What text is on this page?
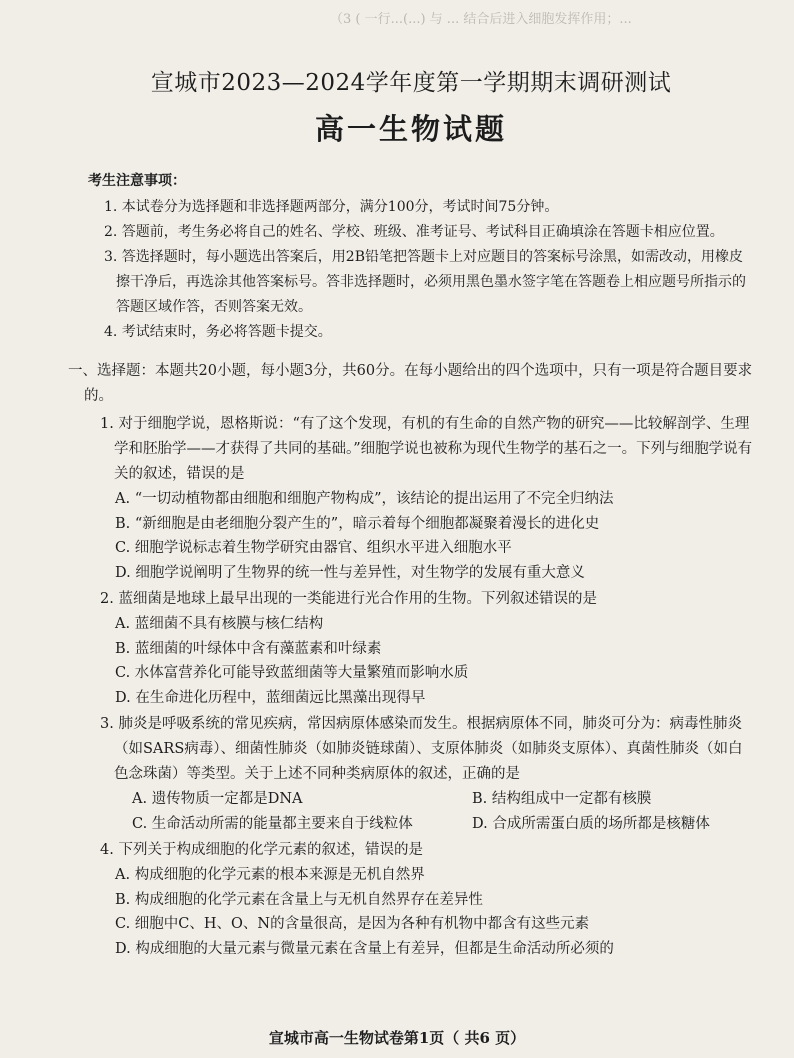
（3 ( 一行...(...) 与 ... 结合后进入细胞发挥作用；...
宣城市2023—2024学年度第一学期期末调研测试
高一生物试题
考生注意事项：
1. 本试卷分为选择题和非选择题两部分，满分100分，考试时间75分钟。
2. 答题前，考生务必将自己的姓名、学校、班级、准考证号、考试科目正确填涂在答题卡相应位置。
3. 答选择题时，每小题选出答案后，用2B铅笔把答题卡上对应题目的答案标号涂黑，如需改动，用橡皮擦干净后，再选涂其他答案标号。答非选择题时，必须用黑色墨水签字笔在答题卷上相应题号所指示的答题区域作答，否则答案无效。
4. 考试结束时，务必将答题卡提交。
一、选择题：本题共20小题，每小题3分，共60分。在每小题给出的四个选项中，只有一项是符合题目要求的。
1. 对于细胞学说，恩格斯说：“有了这个发现，有机的有生命的自然产物的研究——比较解剖学、生理学和胚胎学——才获得了共同的基础。”细胞学说也被称为现代生物学的基石之一。下列与细胞学说有关的叙述，错误的是
A. “一切动植物都由细胞和细胞产物构成”，该结论的提出运用了不完全归纳法
B. “新细胞是由老细胞分裂产生的”，暗示着每个细胞都凝聚着漫长的进化史
C. 细胞学说标志着生物学研究由器官、组织水平进入细胞水平
D. 细胞学说阐明了生物界的统一性与差异性，对生物学的发展有重大意义
2. 蓝细菌是地球上最早出现的一类能进行光合作用的生物。下列叙述错误的是
A. 蓝细菌不具有核膜与核仁结构
B. 蓝细菌的叶绿体中含有藻蓝素和叶绿素
C. 水体富营养化可能导致蓝细菌等大量繁殖而影响水质
D. 在生命进化历程中，蓝细菌远比黑藻出现得早
3. 肺炎是呼吸系统的常见疾病，常因病原体感染而发生。根据病原体不同，肺炎可分为：病毒性肺炎（如SARS病毒）、细菌性肺炎（如肺炎链球菌）、支原体肺炎（如肺炎支原体）、真菌性肺炎（如白色念珠菌）等类型。关于上述不同种类病原体的叙述，正确的是
A. 遗传物质一定都是DNA	B. 结构组成中一定都有核膜
C. 生命活动所需的能量都主要来自于线粒体	D. 合成所需蛋白质的场所都是核糖体
4. 下列关于构成细胞的化学元素的叙述，错误的是
A. 构成细胞的化学元素的根本来源是无机自然界
B. 构成细胞的化学元素在含量上与无机自然界存在差异性
C. 细胞中C、H、O、N的含量很高，是因为各种有机物中都含有这些元素
D. 构成细胞的大量元素与微量元素在含量上有差异，但都是生命活动所必须的
宣城市高一生物试卷第1页（ 共6 页）
